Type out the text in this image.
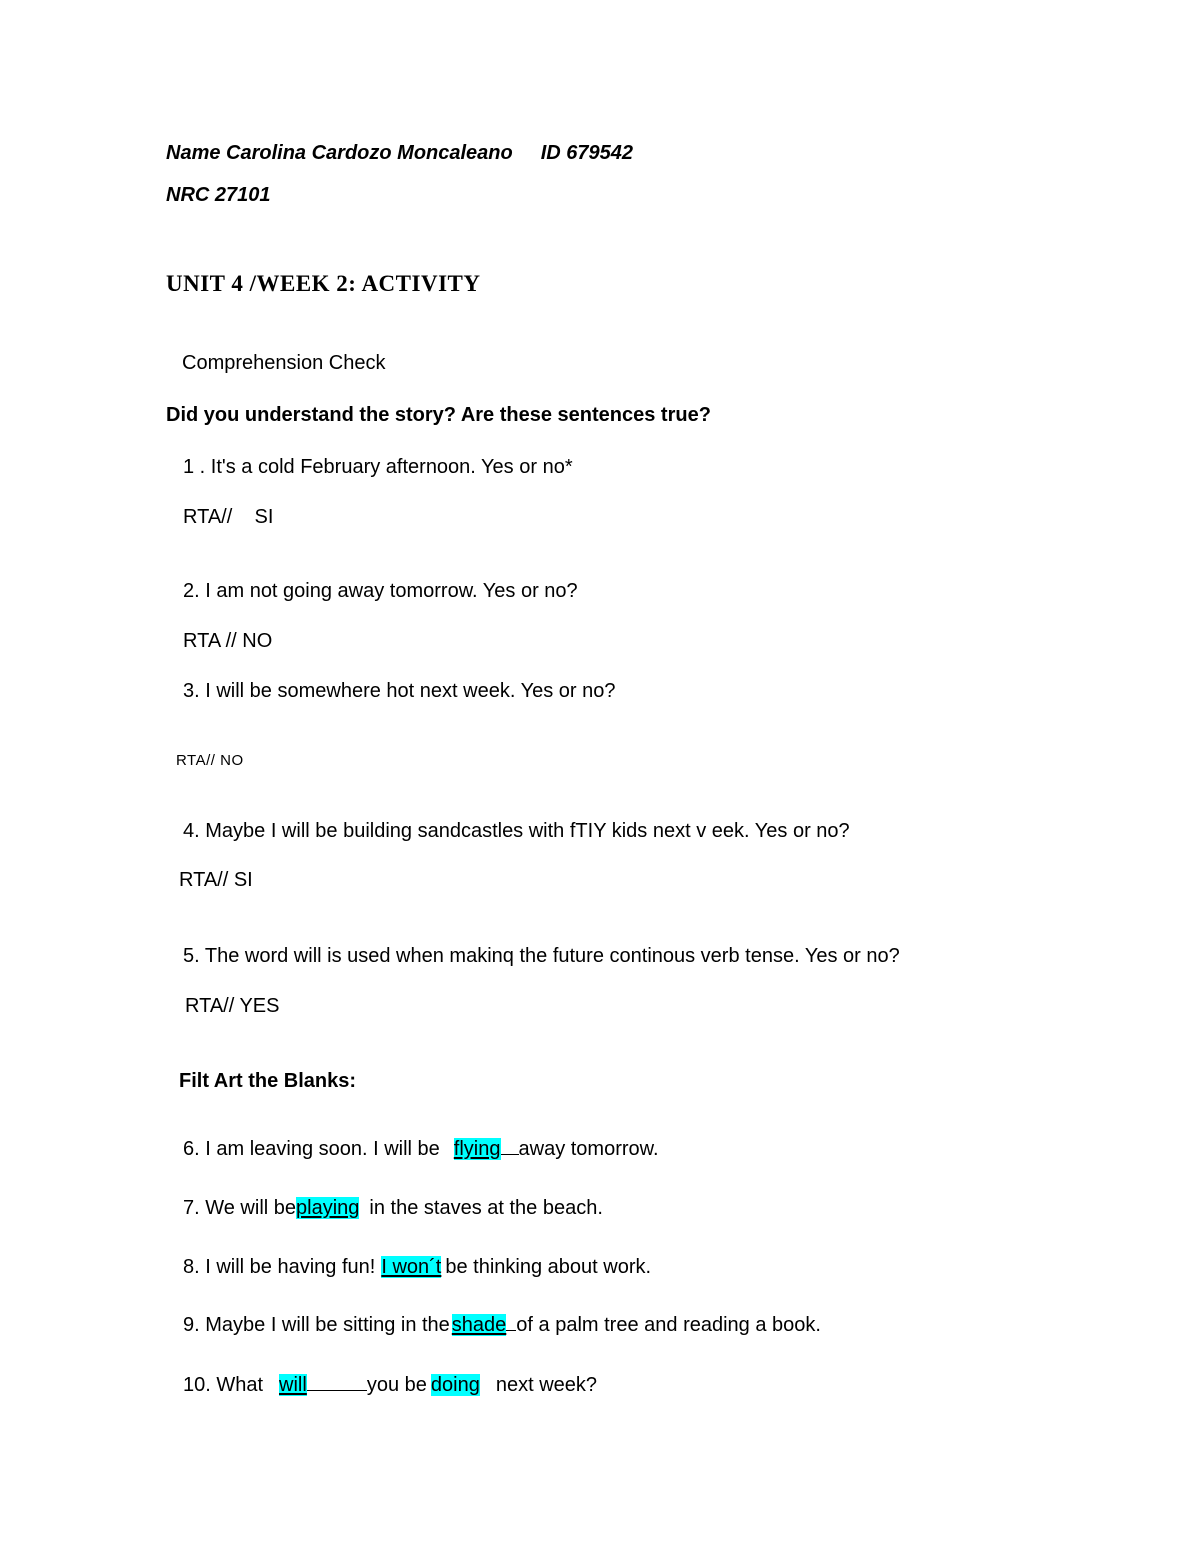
Name Carolina Cardozo Moncaleano ID 679542
NRC 27101
UNIT 4 /WEEK 2: ACTIVITY
Comprehension Check
Did you understand the story? Are these sentences true?
1 . It's a cold February afternoon. Yes or no*
RTA//    SI
2. I am not going away tomorrow. Yes or no?
RTA // NO
3. I will be somewhere hot next week. Yes or no?
RTA// NO
4. Maybe I will be building sandcastles with fTIY kids next v eek. Yes or no?
RTA// SI
5. The word will is used when makinq the future continous verb tense. Yes or no?
RTA// YES
Filt Art the Blanks:
6. I am leaving soon. I will be flying away tomorrow.
7. We will beplaying in the staves at the beach.
8. I will be having fun! I won´t be thinking about work.
9. Maybe I will be sitting in the shade of a palm tree and reading a book.
10. What will	you be doing next week?
